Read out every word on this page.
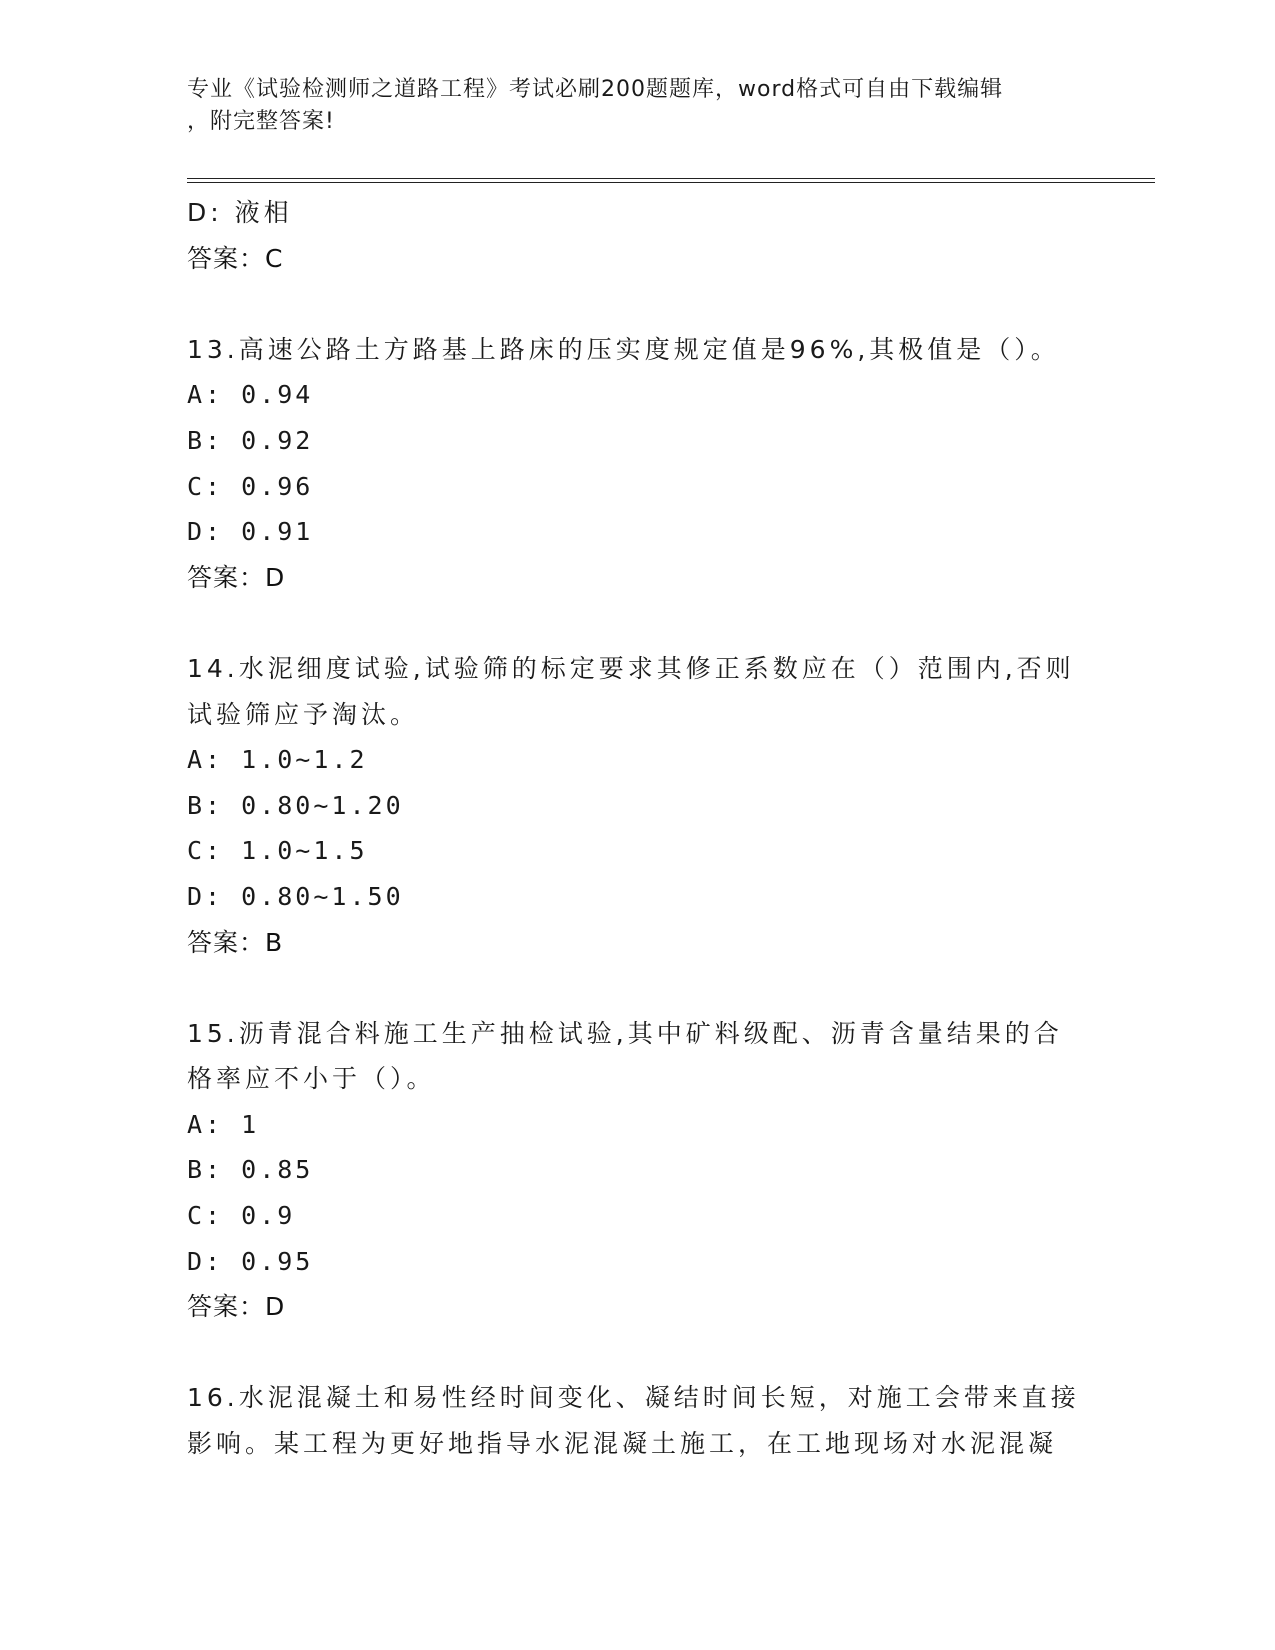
专业《试验检测师之道路工程》考试必刷200题题库，word格式可自由下载编辑
，附完整答案!
D: 液相
答案：C
13.高速公路土方路基上路床的压实度规定值是96%,其极值是（）。
A: 0.94
B: 0.92
C: 0.96
D: 0.91
答案：D
14.水泥细度试验,试验筛的标定要求其修正系数应在（）范围内,否则
试验筛应予淘汰。
A: 1.0~1.2
B: 0.80~1.20
C: 1.0~1.5
D: 0.80~1.50
答案：B
15.沥青混合料施工生产抽检试验,其中矿料级配、沥青含量结果的合
格率应不小于（）。
A: 1
B: 0.85
C: 0.9
D: 0.95
答案：D
16.水泥混凝土和易性经时间变化、凝结时间长短，对施工会带来直接
影响。某工程为更好地指导水泥混凝土施工，在工地现场对水泥混凝
